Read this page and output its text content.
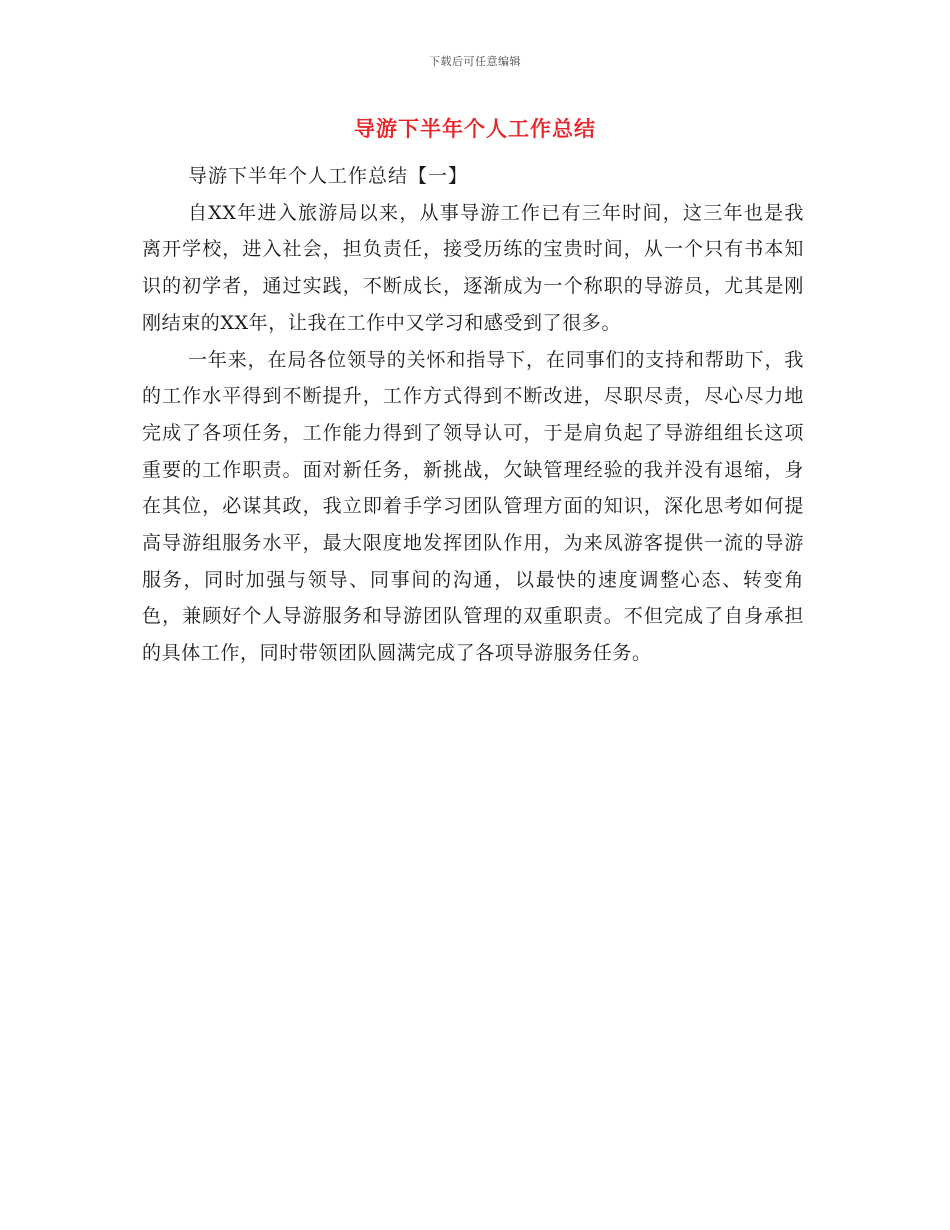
下载后可任意编辑
导游下半年个人工作总结
导游下半年个人工作总结【一】

自XX年进入旅游局以来，从事导游工作已有三年时间，这三年也是我离开学校，进入社会，担负责任，接受历练的宝贵时间，从一个只有书本知识的初学者，通过实践，不断成长，逐渐成为一个称职的导游员，尤其是刚刚结束的XX年，让我在工作中又学习和感受到了很多。

一年来，在局各位领导的关怀和指导下，在同事们的支持和帮助下，我的工作水平得到不断提升，工作方式得到不断改进，尽职尽责，尽心尽力地完成了各项任务，工作能力得到了领导认可，于是肩负起了导游组组长这项重要的工作职责。面对新任务，新挑战，欠缺管理经验的我并没有退缩，身在其位，必谋其政，我立即着手学习团队管理方面的知识，深化思考如何提高导游组服务水平，最大限度地发挥团队作用，为来凤游客提供一流的导游服务，同时加强与领导、同事间的沟通，以最快的速度调整心态、转变角色，兼顾好个人导游服务和导游团队管理的双重职责。不但完成了自身承担的具体工作，同时带领团队圆满完成了各项导游服务任务。
